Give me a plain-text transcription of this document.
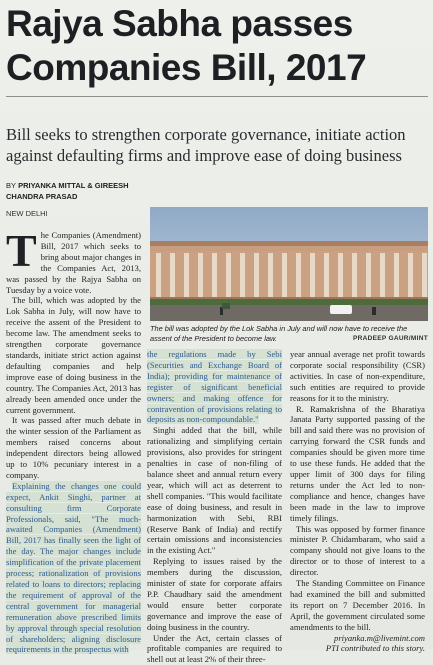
Rajya Sabha passes Companies Bill, 2017
Bill seeks to strengthen corporate governance, initiate action against defaulting firms and improve ease of doing business
BY PRIYANKA MITTAL & GIREESH CHANDRA PRASAD
NEW DELHI

The Companies (Amendment) Bill, 2017 which seeks to bring about major changes in the Companies Act, 2013, was passed by the Rajya Sabha on Tuesday by a voice vote.

The bill, which was adopted by the Lok Sabha in July, will now have to receive the assent of the President to become law. The amendment seeks to strengthen corporate governance standards, initiate strict action against defaulting companies and help improve ease of doing business in the country. The Companies Act, 2013 has already been amended once under the current government.

It was passed after much debate in the winter session of the Parliament as members raised concerns about independent directors being allowed up to 10% pecuniary interest in a company.

Explaining the changes one could expect, Ankit Singhi, partner at consulting firm Corporate Professionals, said, "The much-awaited Companies (Amendment) Bill, 2017 has finally seen the light of the day. The major changes include simplification of the private placement process; rationalization of provisions related to loans to directors; replacing the requirement of approval of the central government for managerial remuneration above prescribed limits by approval through special resolution of shareholders; aligning disclosure requirements in the prospectus with

The bill was adopted by the Lok Sabha in July and will now have to receive the assent of the President to become law.	PRADEEP GAUR/MINT

the regulations made by Sebi (Securities and Exchange Board of India); providing for maintenance of register of significant beneficial owners; and making offence for contravention of provisions relating to deposits as non-compoundable."

Singhi added that the bill, while rationalizing and simplifying certain provisions, also provides for stringent penalties in case of non-filing of balance sheet and annual return every year, which will act as deterrent to shell companies. "This would facilitate ease of doing business, and result in harmonization with Sebi, RBI (Reserve Bank of India) and rectify certain omissions and inconsistencies in the existing Act."

Replying to issues raised by the members during the discussion, minister of state for corporate affairs P.P. Chaudhary said the amendment would ensure better corporate governance and improve the ease of doing business in the country.

Under the Act, certain classes of profitable companies are required to shell out at least 2% of their three-

year annual average net profit towards corporate social responsibility (CSR) activities. In case of non-expenditure, such entities are required to provide reasons for it to the ministry.

R. Ramakrishna of the Bharatiya Janata Party supported passing of the bill and said there was no provision of carrying forward the CSR funds and companies should be given more time to use these funds. He added that the upper limit of 300 days for filing returns under the Act led to non-compliance and hence, changes have been made in the law to improve timely filings.

This was opposed by former finance minister P. Chidambaram, who said a company should not give loans to the director or to those of interest to a director.

The Standing Committee on Finance had examined the bill and submitted its report on 7 December 2016. In April, the government circulated some amendments to the bill.

priyanka.m@livemint.com

PTI contributed to this story.
